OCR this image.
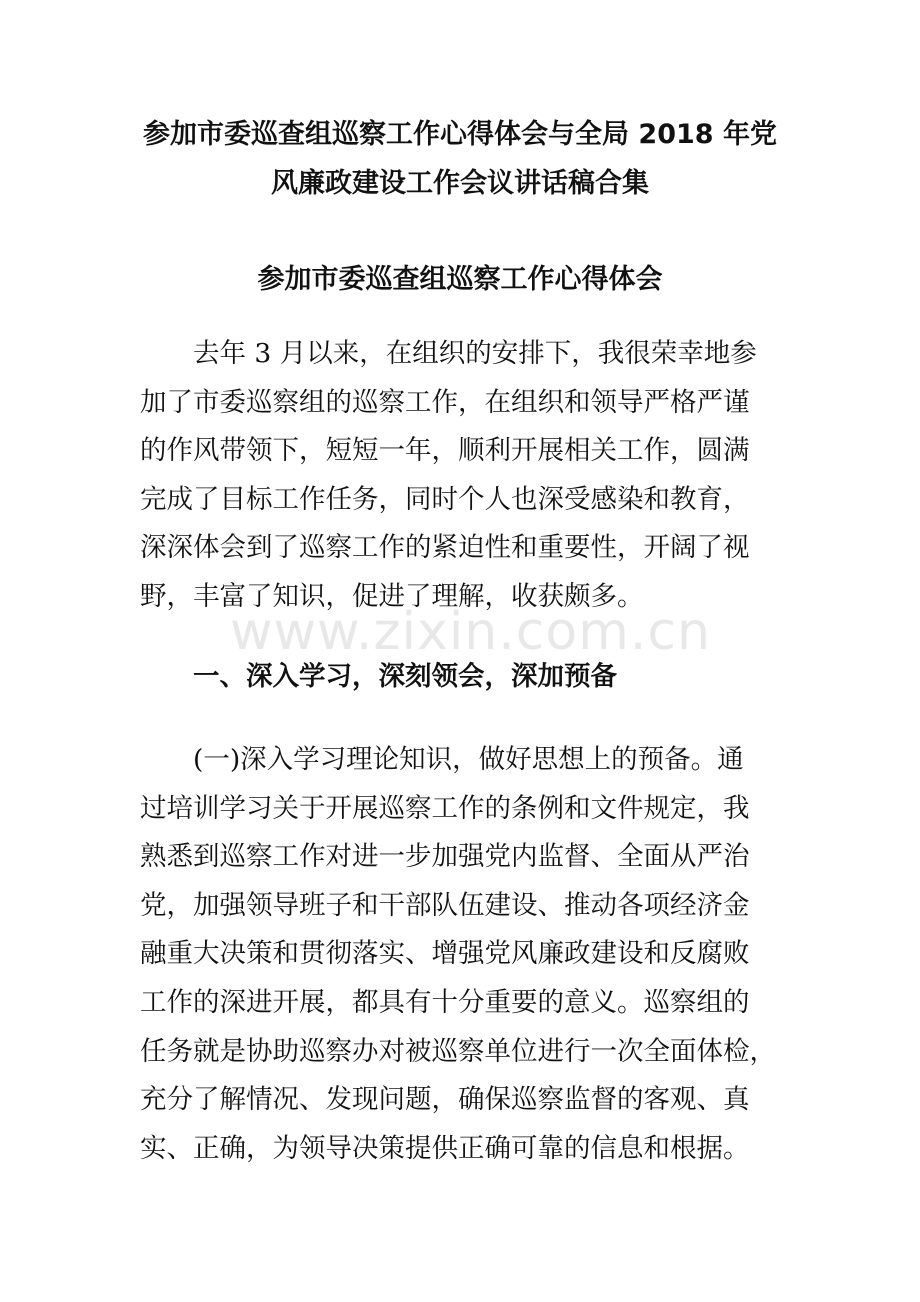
参加市委巡查组巡察工作心得体会与全局 2018 年党
风廉政建设工作会议讲话稿合集
参加市委巡查组巡察工作心得体会
去年 3 月以来，在组织的安排下，我很荣幸地参
加了市委巡察组的巡察工作，在组织和领导严格严谨
的作风带领下，短短一年，顺利开展相关工作，圆满
完成了目标工作任务，同时个人也深受感染和教育，
深深体会到了巡察工作的紧迫性和重要性，开阔了视
野，丰富了知识，促进了理解，收获颇多。
www.zixin.com.cn
一、深入学习，深刻领会，深加预备
(一)深入学习理论知识，做好思想上的预备。通
过培训学习关于开展巡察工作的条例和文件规定，我
熟悉到巡察工作对进一步加强党内监督、全面从严治
党，加强领导班子和干部队伍建设、推动各项经济金
融重大决策和贯彻落实、增强党风廉政建设和反腐败
工作的深进开展，都具有十分重要的意义。巡察组的
任务就是协助巡察办对被巡察单位进行一次全面体检，
充分了解情况、发现问题，确保巡察监督的客观、真
实、正确，为领导决策提供正确可靠的信息和根据。
